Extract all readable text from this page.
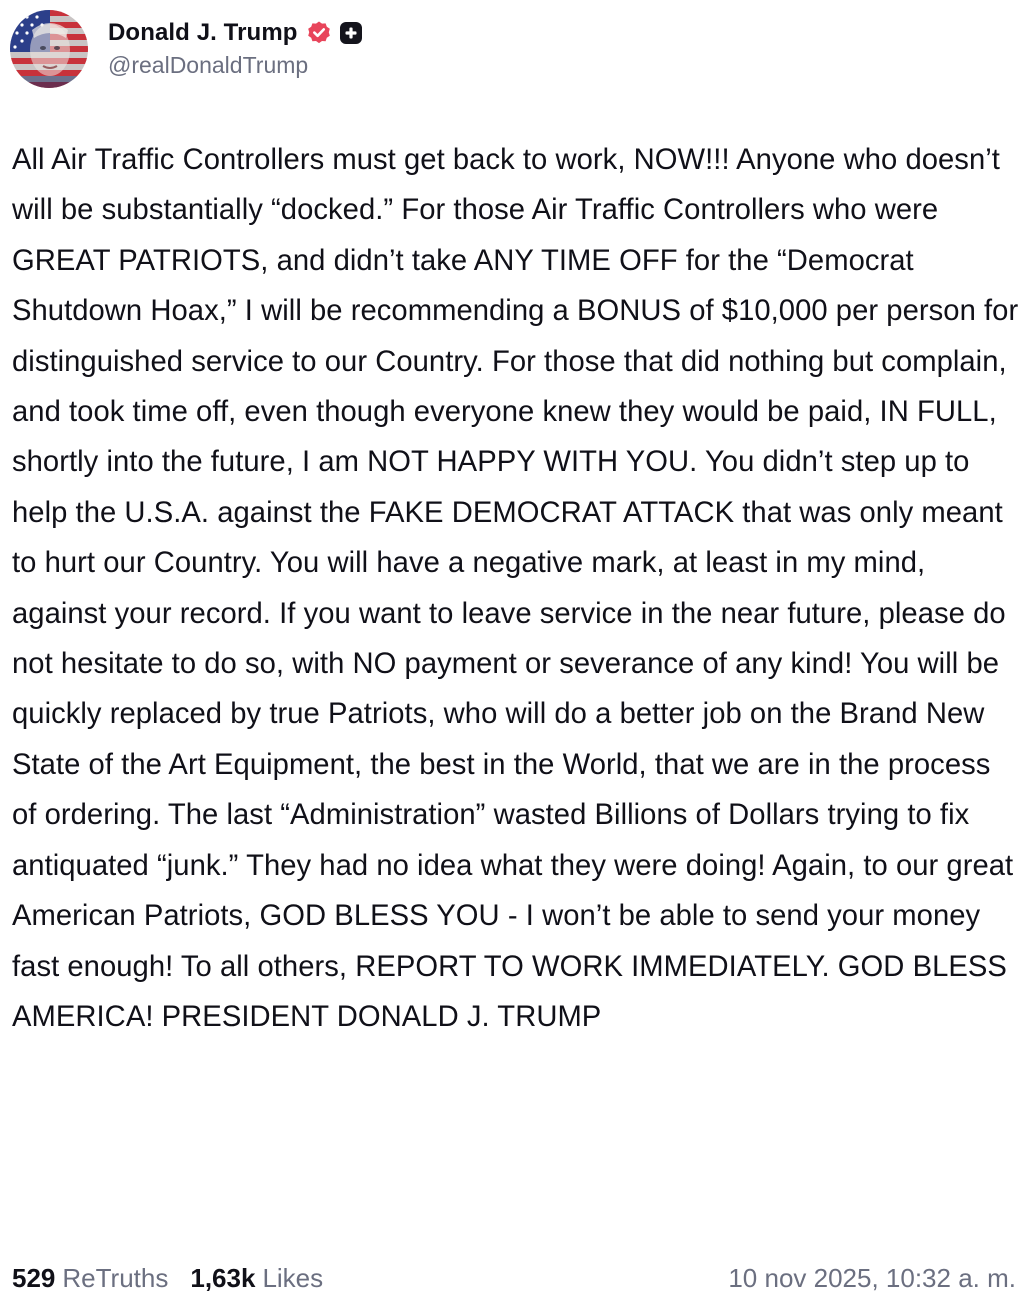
Donald J. Trump
@realDonaldTrump
All Air Traffic Controllers must get back to work, NOW!!! Anyone who doesn’t will be substantially “docked.” For those Air Traffic Controllers who were GREAT PATRIOTS, and didn’t take ANY TIME OFF for the “Democrat Shutdown Hoax,” I will be recommending a BONUS of $10,000 per person for distinguished service to our Country. For those that did nothing but complain, and took time off, even though everyone knew they would be paid, IN FULL, shortly into the future, I am NOT HAPPY WITH YOU. You didn’t step up to help the U.S.A. against the FAKE DEMOCRAT ATTACK that was only meant to hurt our Country. You will have a negative mark, at least in my mind, against your record. If you want to leave service in the near future, please do not hesitate to do so, with NO payment or severance of any kind! You will be quickly replaced by true Patriots, who will do a better job on the Brand New State of the Art Equipment, the best in the World, that we are in the process of ordering. The last “Administration” wasted Billions of Dollars trying to fix antiquated “junk.” They had no idea what they were doing! Again, to our great American Patriots, GOD BLESS YOU - I won’t be able to send your money fast enough! To all others, REPORT TO WORK IMMEDIATELY. GOD BLESS AMERICA! PRESIDENT DONALD J. TRUMP
529 ReTruths 1,63k Likes	10 nov 2025, 10:32 a. m.
